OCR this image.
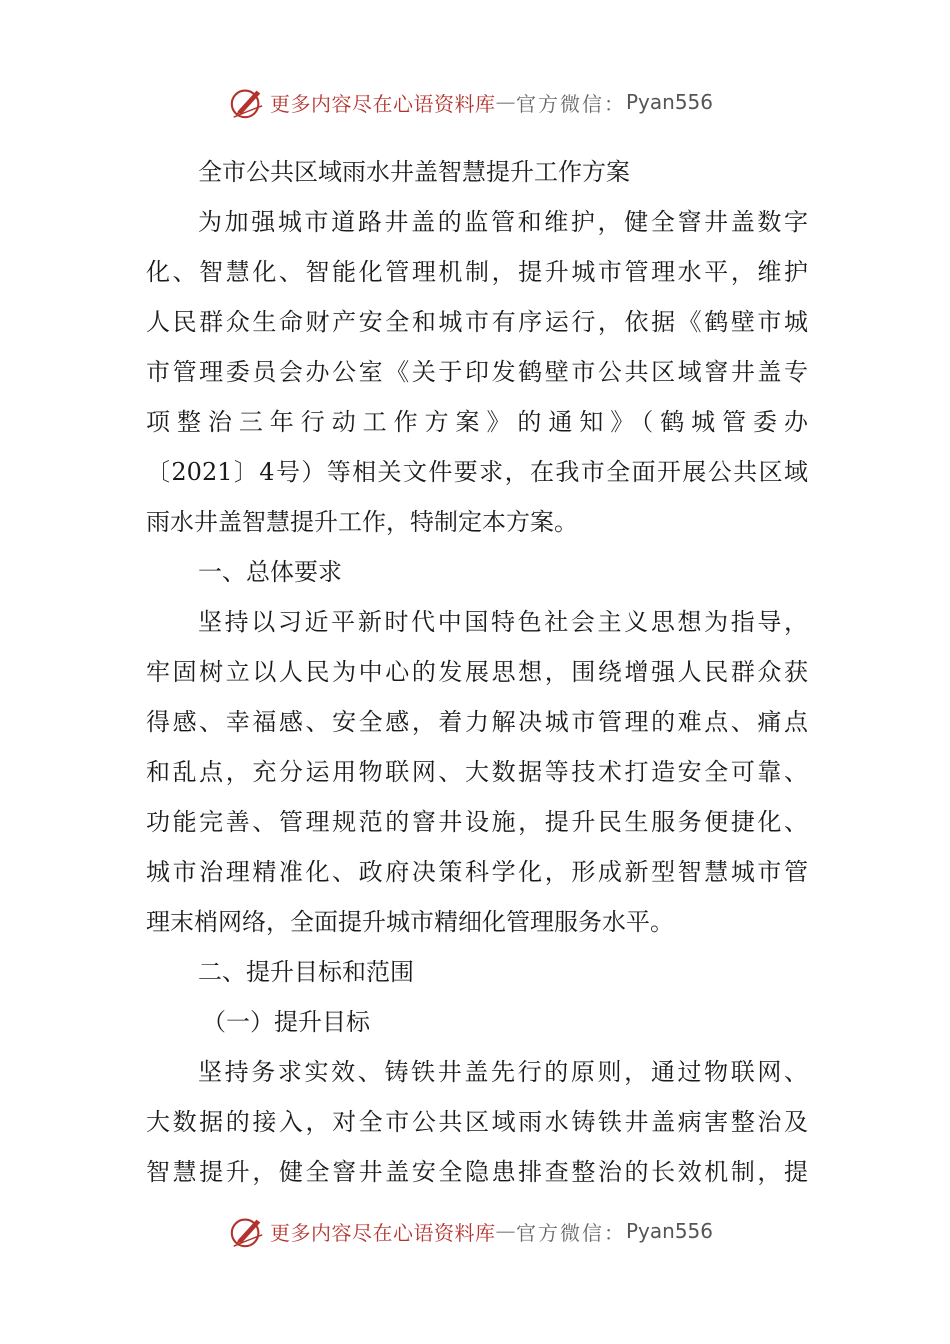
更多内容尽在心语资料库 — 官方微信： Pyan556
全市公共区域雨水井盖智慧提升工作方案
为加强城市道路井盖的监管和维护，健全窨井盖数字
化、智慧化、智能化管理机制，提升城市管理水平，维护
人民群众生命财产安全和城市有序运行，依据《鹤壁市城
市管理委员会办公室《关于印发鹤壁市公共区域窨井盖专
项整治三年行动工作方案》的通知》（鹤城管委办
〔2021〕4号）等相关文件要求，在我市全面开展公共区域
雨水井盖智慧提升工作，特制定本方案。
一、总体要求
坚持以习近平新时代中国特色社会主义思想为指导，
牢固树立以人民为中心的发展思想，围绕增强人民群众获
得感、幸福感、安全感，着力解决城市管理的难点、痛点
和乱点，充分运用物联网、大数据等技术打造安全可靠、
功能完善、管理规范的窨井设施，提升民生服务便捷化、
城市治理精准化、政府决策科学化，形成新型智慧城市管
理末梢网络，全面提升城市精细化管理服务水平。
二、提升目标和范围
（一）提升目标
坚持务求实效、铸铁井盖先行的原则，通过物联网、
大数据的接入，对全市公共区域雨水铸铁井盖病害整治及
智慧提升，健全窨井盖安全隐患排查整治的长效机制，提
更多内容尽在心语资料库 — 官方微信： Pyan556
